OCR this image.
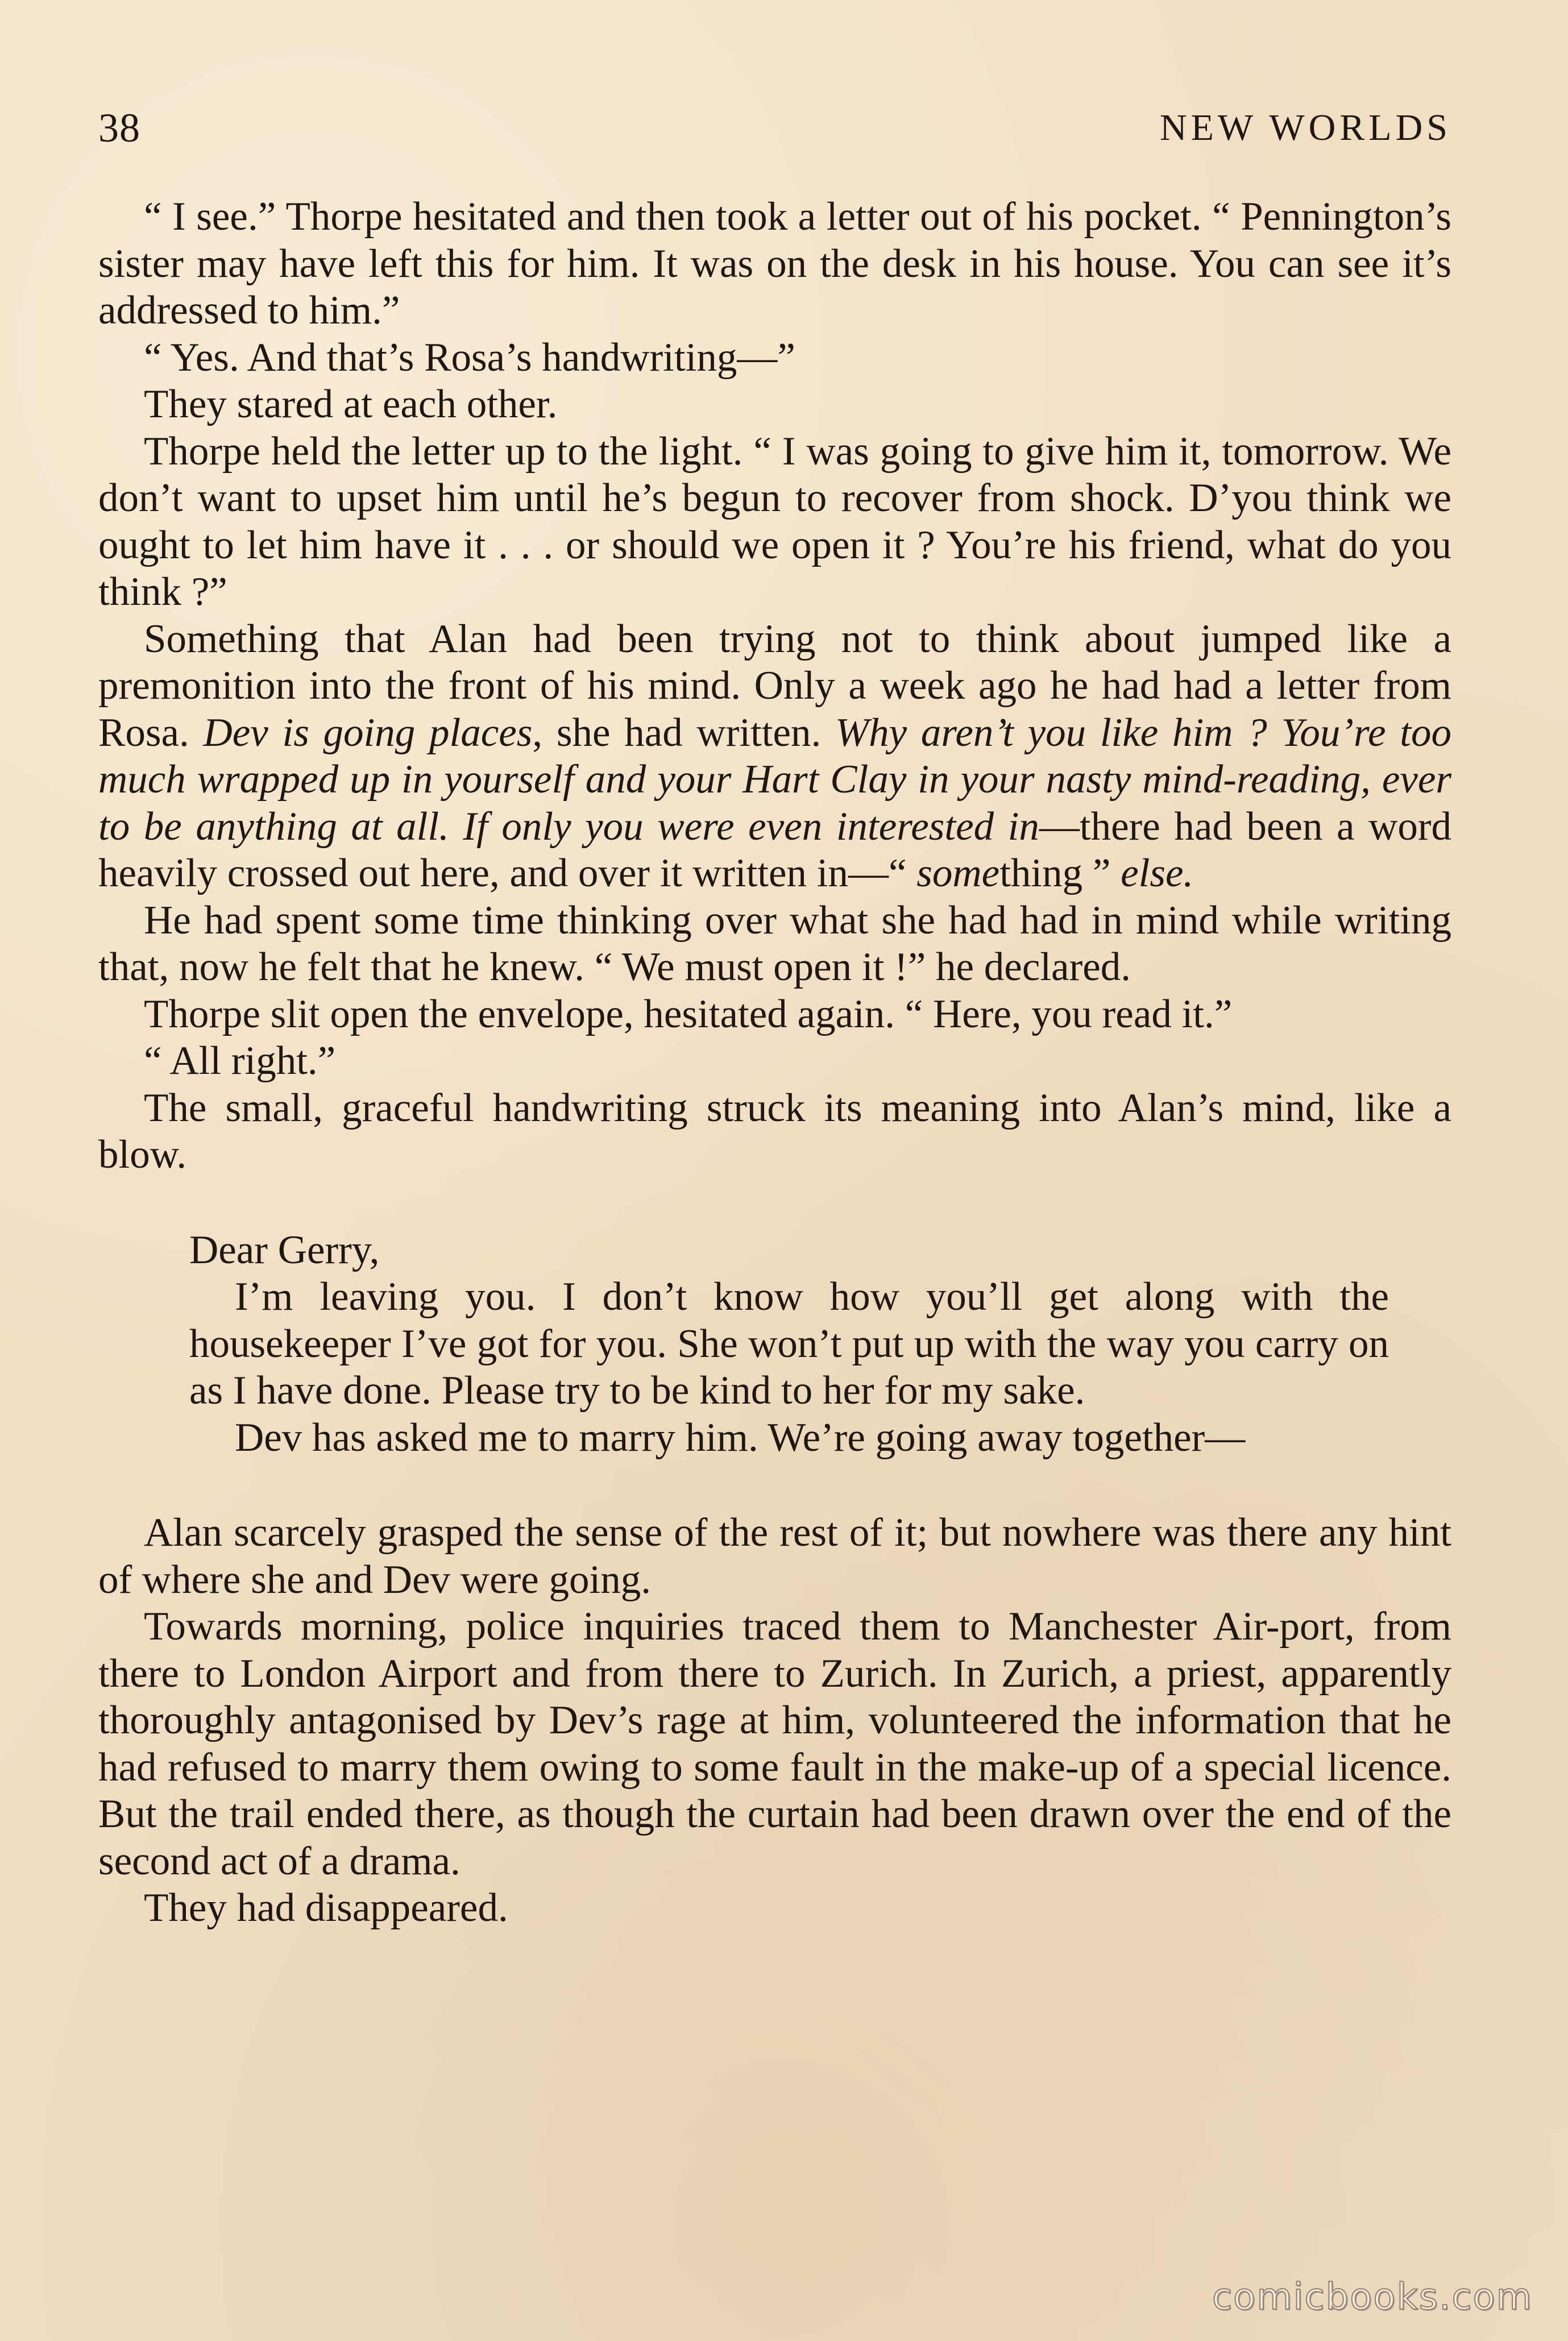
38	NEW WORLDS

“ I see.” Thorpe hesitated and then took a letter out of his pocket. “ Pennington’s sister may have left this for him. It was on the desk in his house. You can see it’s addressed to him.”

“ Yes. And that’s Rosa’s handwriting—”

They stared at each other.

Thorpe held the letter up to the light. “ I was going to give him it, tomorrow. We don’t want to upset him until he’s begun to recover from shock. D’you think we ought to let him have it . . . or should we open it ? You’re his friend, what do you think ?”

Something that Alan had been trying not to think about jumped like a premonition into the front of his mind. Only a week ago he had had a letter from Rosa. Dev is going places, she had written. Why aren’t you like him ? You’re too much wrapped up in yourself and your Hart Clay in your nasty mind-reading, ever to be anything at all. If only you were even interested in—there had been a word heavily crossed out here, and over it written in—“ something ” else.

He had spent some time thinking over what she had had in mind while writing that, now he felt that he knew. “ We must open it !” he declared.

Thorpe slit open the envelope, hesitated again. “ Here, you read it.”

“ All right.”

The small, graceful handwriting struck its meaning into Alan’s mind, like a blow.

Dear Gerry,

I’m leaving you. I don’t know how you’ll get along with the housekeeper I’ve got for you. She won’t put up with the way you carry on as I have done. Please try to be kind to her for my sake.

Dev has asked me to marry him. We’re going away together—

Alan scarcely grasped the sense of the rest of it; but nowhere was there any hint of where she and Dev were going.

Towards morning, police inquiries traced them to Manchester Air-port, from there to London Airport and from there to Zurich. In Zurich, a priest, apparently thoroughly antagonised by Dev’s rage at him, volunteered the information that he had refused to marry them owing to some fault in the make-up of a special licence. But the trail ended there, as though the curtain had been drawn over the end of the second act of a drama.

They had disappeared.

comicbooks.com
